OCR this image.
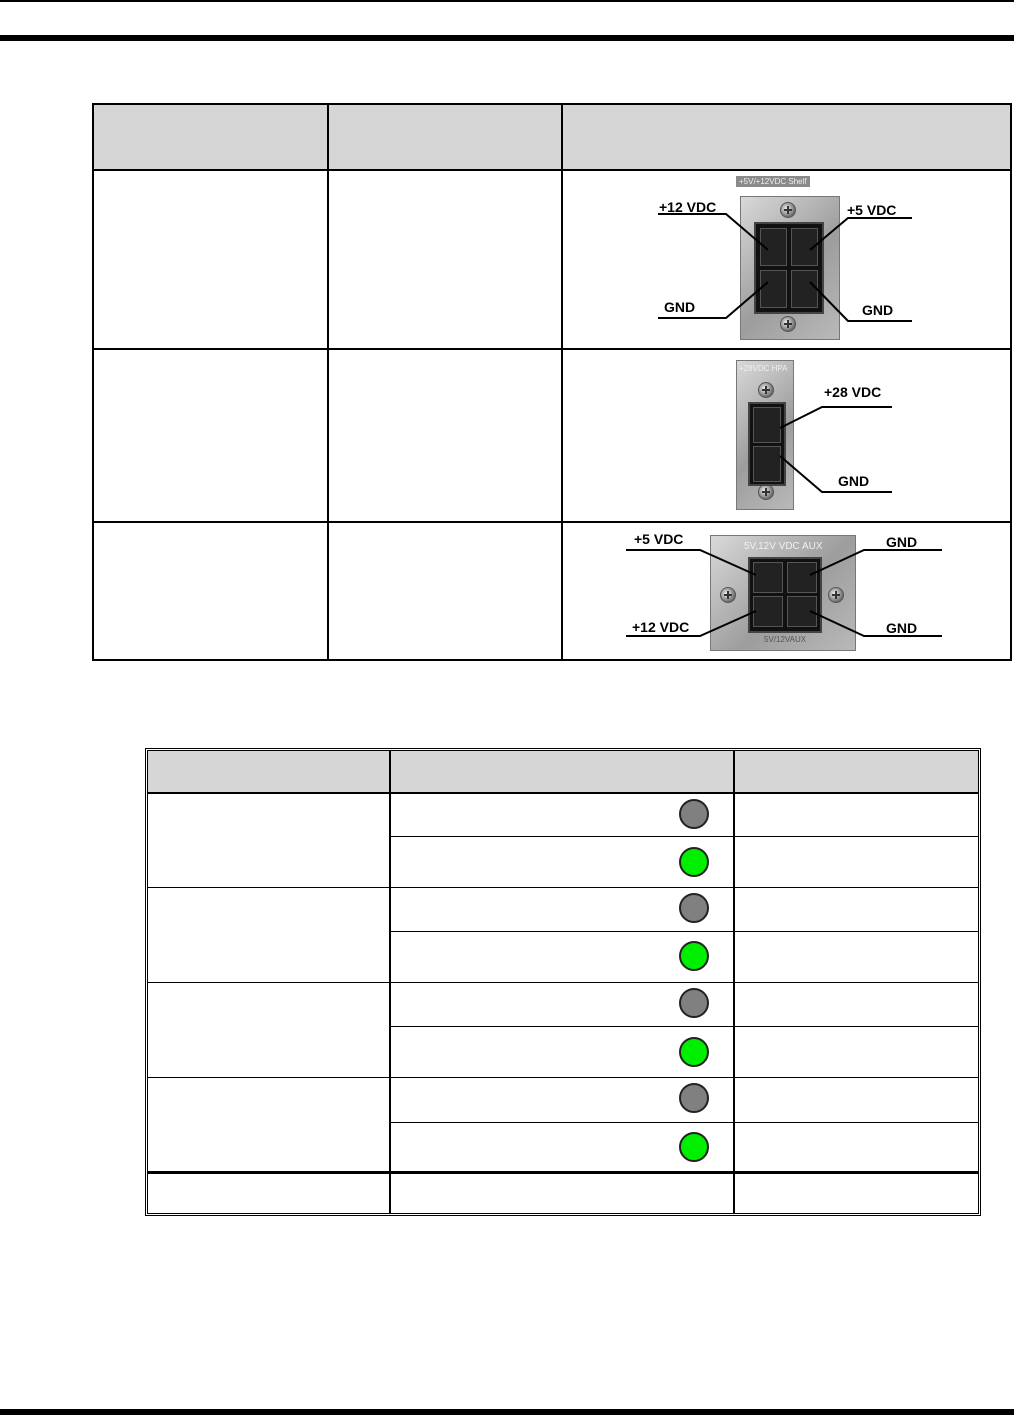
+5V/+12VDC Shelf
+12 VDC	+5 VDC
GND	GND
+28VDC HPA
+28 VDC
GND
5V,12V VDC AUX
5V/12VAUX
+5 VDC	GND
+12 VDC	GND
